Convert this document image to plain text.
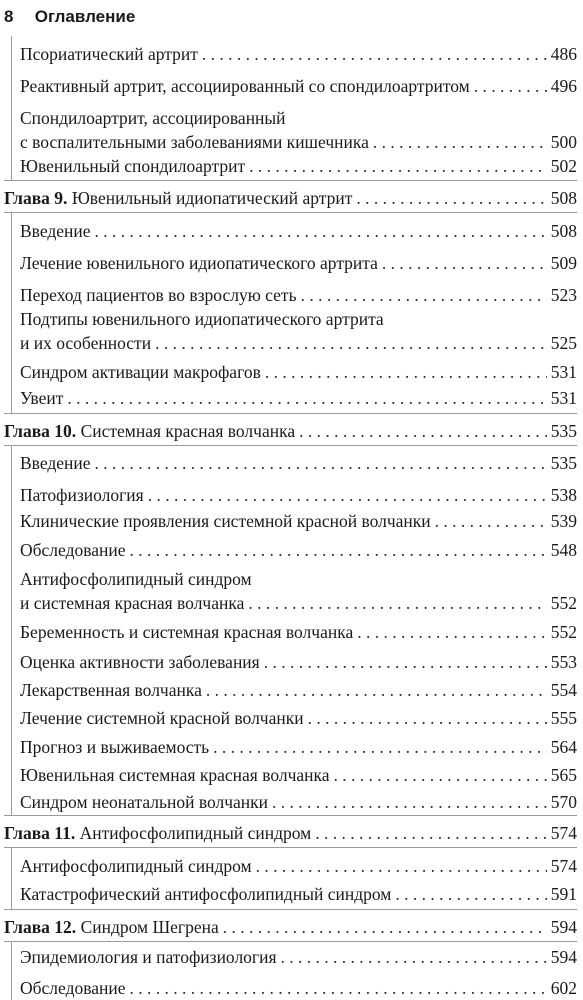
8 Оглавление
Псориатический артрит . . .	486
Реактивный артрит, ассоциированный со спондилоартритом . . .	496
Спондилоартрит, ассоциированный
с воспалительными заболеваниями кишечника . . .	500
Ювенильный спондилоартрит . . .	502
Глава 9. Ювенильный идиопатический артрит . . .	508
Введение . . .	508
Лечение ювенильного идиопатического артрита . . .	509
Переход пациентов во взрослую сеть . . .	523
Подтипы ювенильного идиопатического артрита
и их особенности . . .	525
Синдром активации макрофагов . . .	531
Увеит . . .	531
Глава 10. Системная красная волчанка . . .	535
Введение . . .	535
Патофизиология . . .	538
Клинические проявления системной красной волчанки . . .	539
Обследование . . .	548
Антифосфолипидный синдром
и системная красная волчанка . . .	552
Беременность и системная красная волчанка . . .	552
Оценка активности заболевания . . .	553
Лекарственная волчанка . . .	554
Лечение системной красной волчанки . . .	555
Прогноз и выживаемость . . .	564
Ювенильная системная красная волчанка . . .	565
Синдром неонатальной волчанки . . .	570
Глава 11. Антифосфолипидный синдром . . .	574
Антифосфолипидный синдром . . .	574
Катастрофический антифосфолипидный синдром . . .	591
Глава 12. Синдром Шегрена . . .	594
Эпидемиология и патофизиология . . .	594
Обследование . . .	602
